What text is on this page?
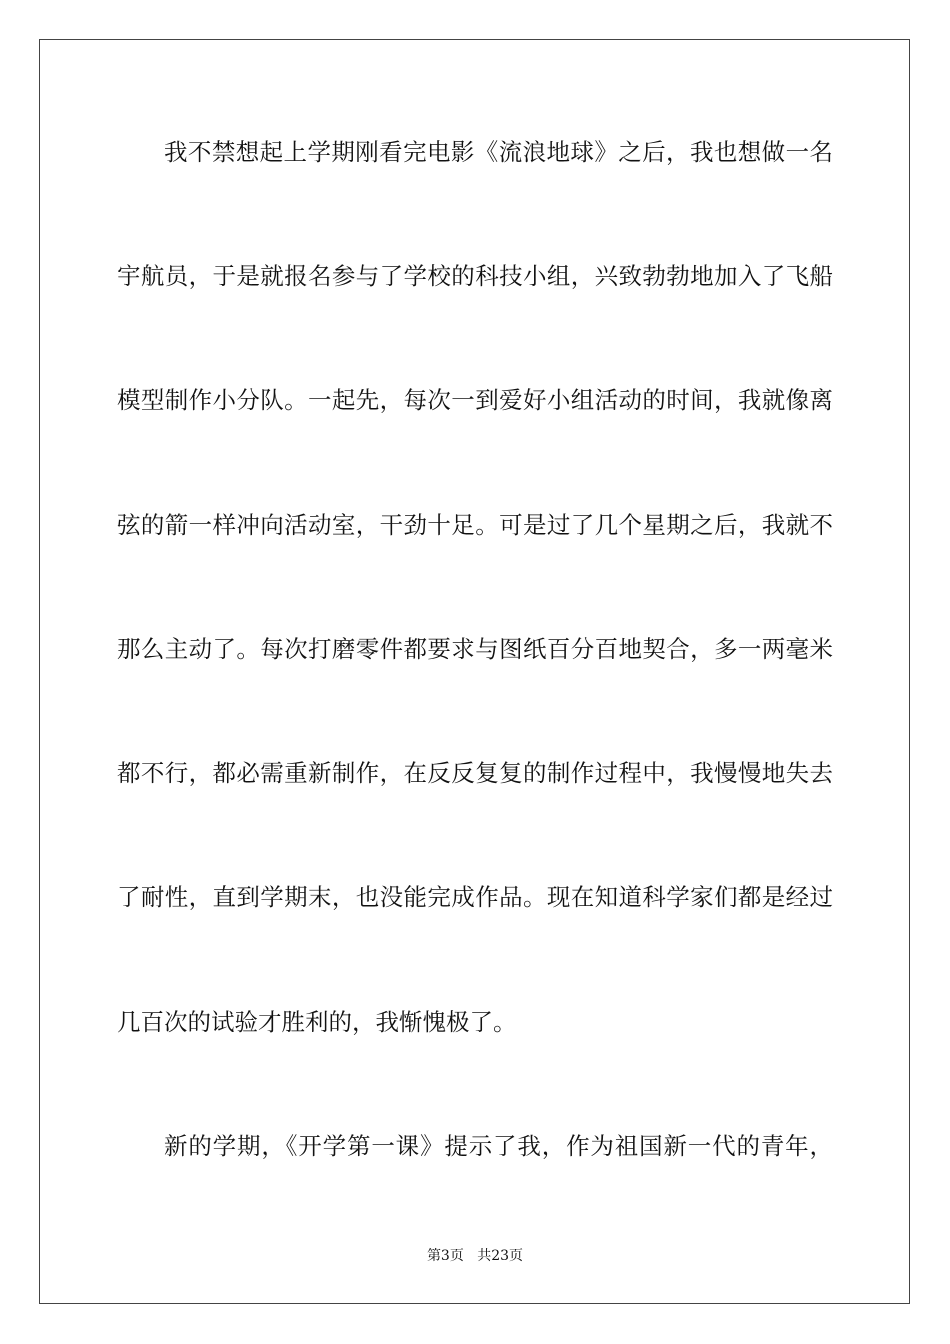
我不禁想起上学期刚看完电影《流浪地球》之后，我也想做一名
宇航员，于是就报名参与了学校的科技小组，兴致勃勃地加入了飞船
模型制作小分队。一起先，每次一到爱好小组活动的时间，我就像离
弦的箭一样冲向活动室，干劲十足。可是过了几个星期之后，我就不
那么主动了。每次打磨零件都要求与图纸百分百地契合，多一两毫米
都不行，都必需重新制作，在反反复复的制作过程中，我慢慢地失去
了耐性，直到学期末，也没能完成作品。现在知道科学家们都是经过
几百次的试验才胜利的，我惭愧极了。
新的学期，《开学第一课》提示了我，作为祖国新一代的青年，
第3页 共23页
